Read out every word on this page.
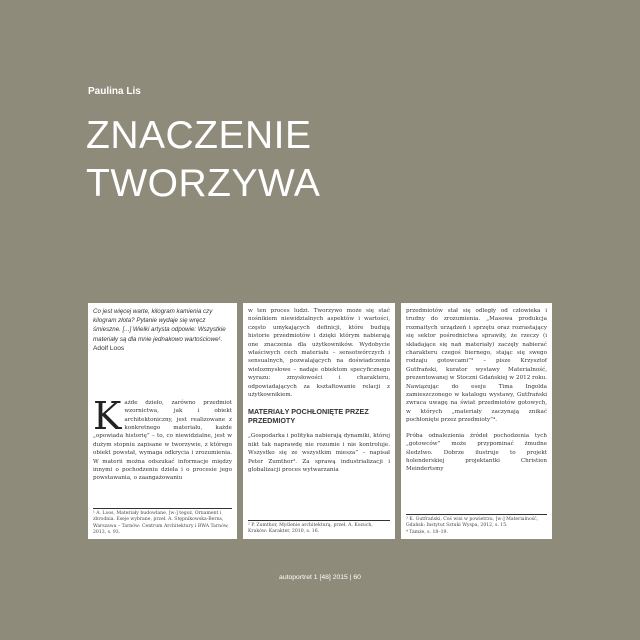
Paulina Lis
ZNACZENIE
TWORZYWA

Co jest więcej warte, kilogram kamienia czy kilogram złota? Pytanie wydaje się wręcz śmieszne. [...] Wielki artysta odpowie: Wszystkie materiały są dla mnie jednakowo wartościowe¹.

Adolf Loos

Każde dzieło, zarówno przedmiot wzornictwa, jak i obiekt architektoniczny, jest realizowane z konkretnego materiału, każde „opowiada historię” – to, co niewidzialne, jest w dużym stopniu zapisane w tworzywie, z którego obiekt powstał, wymaga odkrycia i zrozumienia. W materii można odszukać informacje między innymi o pochodzeniu dzieła i o procesie jego powstawania, o zaangażowaniu

¹ A. Loos, Materiały budowlane, [w:] tegoż, Ornament i zbrodnia. Eseje wybrane, przeł. A. Stępnikowska-Berns, Warszawa – Tarnów: Centrum Architektury i BWA Tarnów, 2013, s. 93.

w ten proces ludzi. Tworzywo może się stać nośnikiem niewidzialnych aspektów i wartości, często umykających definicji, które budują historie przedmiotów i dzięki którym nabierają one znaczenia dla użytkowników. Wydobycie właściwych cech materiału – sensotwórczych i sensualnych, pozwalających na doświadczenia wielozmysłowe – nadaje obiektom specyficznego wyrazu: zmysłowości i charakteru, odpowiadających za kształtowanie relacji z użytkownikiem.

MATERIAŁY POCHŁONIĘTE PRZEZ PRZEDMIOTY

„Gospodarka i polityka nabierają dynamiki, której nikt tak naprawdę nie rozumie i nie kontroluje. Wszystko się ze wszystkim miesza” – napisał Peter Zumthor². Za sprawą industrializacji i globalizacji proces wytwarzania

² P. Zumthor, Myślenie architekturą, przeł. A. Kozuch, Kraków: Karakter, 2010, s. 16.

przedmiotów stał się odległy od człowieka i trudny do zrozumienia. „Masowa produkcja rozmaitych urządzeń i sprzętu oraz rozrastający się sektor pośrednictwa sprawiły, że rzeczy (i składające się nań materiały) zaczęły nabierać charakteru czegoś biernego, stając się swego rodzaju gotowcami”³ – pisze Krzysztof Gutfrański, kurator wystawy Materialność, prezentowanej w Stoczni Gdańskiej w 2012 roku. Nawiązując do eseju Tima Ingolda zamieszczonego w katalogu wystawy, Gutfrański zwraca uwagę na świat przedmiotów gotowych, w których „materiały zaczynają znikać pochłonięte przez przedmioty”⁴.

Próba odnalezienia źródeł pochodzenia tych „gotowców” może przypominać żmudne śledztwo. Dobrze ilustruje to projekt holenderskiej projektantki Christien Meindertsmy

³ K. Gutfrański, Coś wisi w powietrzu, [w:] Materialność, Gdańsk: Instytut Sztuki Wyspa, 2012, s. 15.

⁴ Tamże, s. 18–19.

autoportret 1 [48] 2015 | 60
